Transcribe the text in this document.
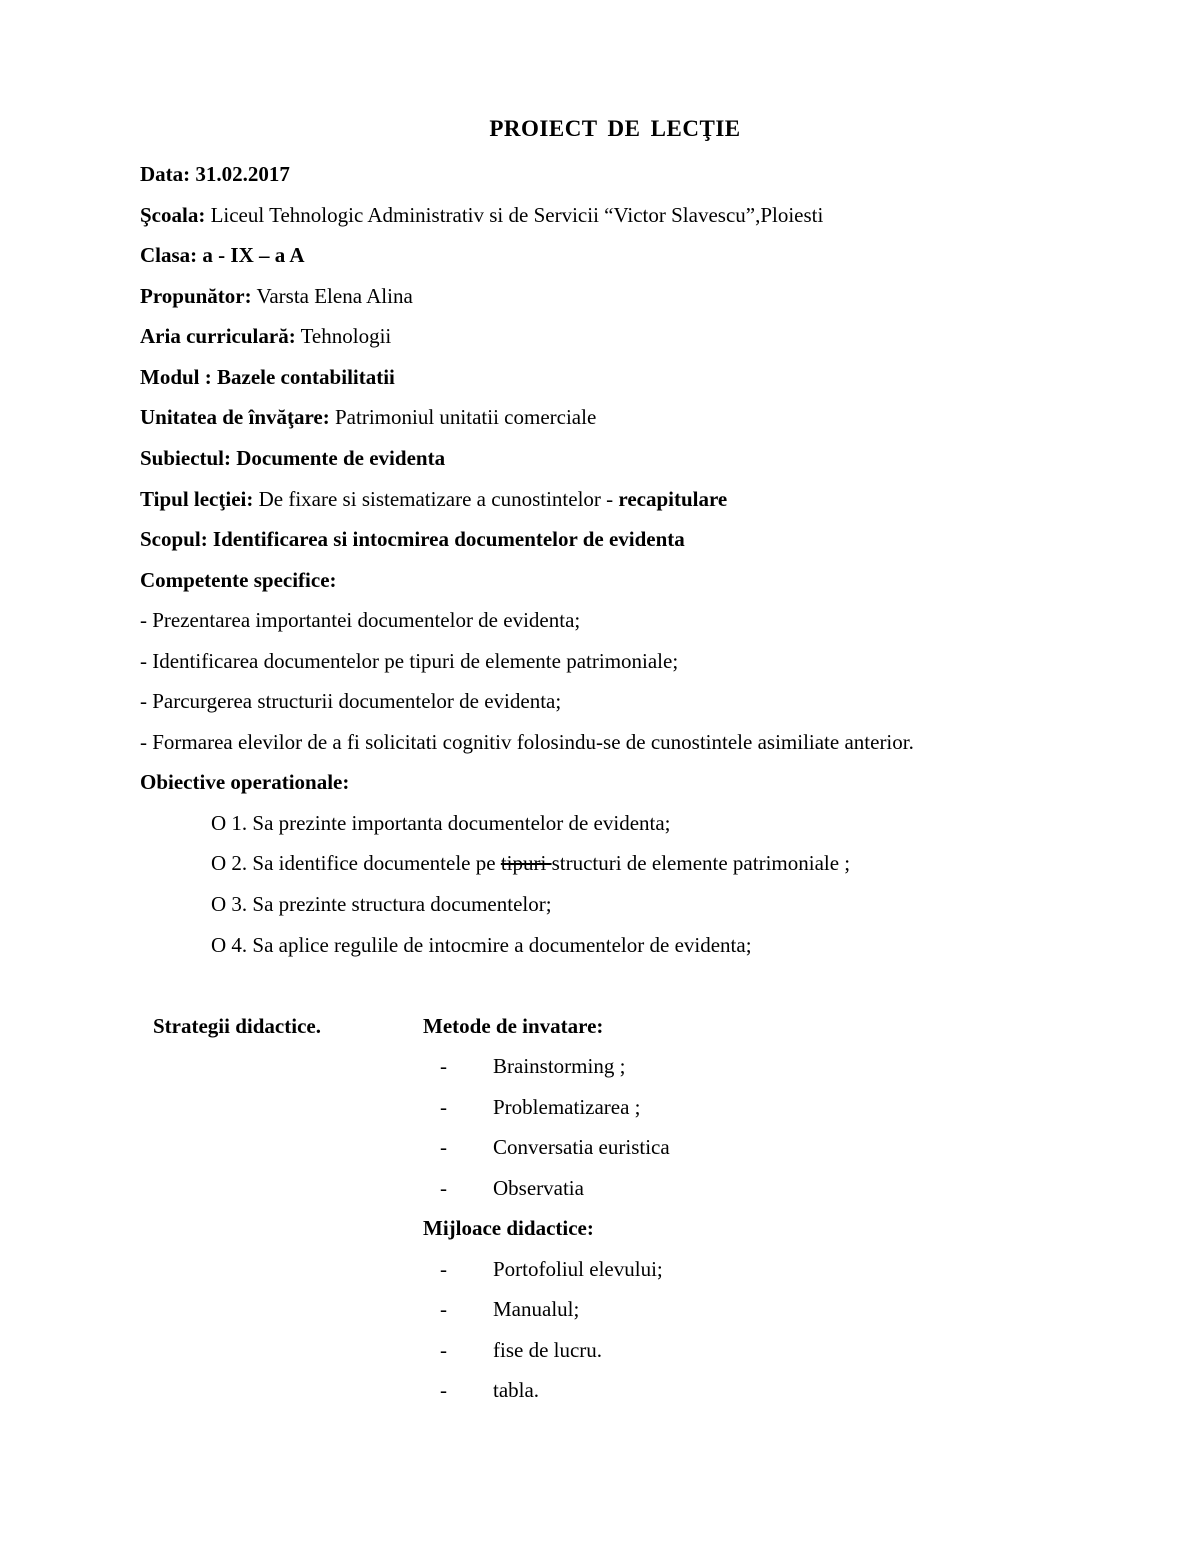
PROIECT DE LECŢIE
Data: 31.02.2017
Şcoala: Liceul Tehnologic Administrativ si de Servicii “Victor Slavescu”,Ploiesti
Clasa: a - IX – a A
Propunător: Varsta Elena Alina
Aria curriculară: Tehnologii
Modul : Bazele contabilitatii
Unitatea de învăţare: Patrimoniul unitatii comerciale
Subiectul: Documente de evidenta
Tipul lecţiei: De fixare si sistematizare a cunostintelor - recapitulare
Scopul: Identificarea si intocmirea documentelor de evidenta
Competente specifice:
- Prezentarea importantei documentelor de evidenta;
- Identificarea documentelor pe tipuri de elemente patrimoniale;
- Parcurgerea structurii documentelor de evidenta;
- Formarea elevilor de a fi solicitati cognitiv folosindu-se de cunostintele asimiliate anterior.
Obiective operationale:
O 1. Sa prezinte importanta documentelor de evidenta;
O 2. Sa identifice documentele pe tipuri structuri de elemente patrimoniale ;
O 3. Sa prezinte structura documentelor;
O 4. Sa aplice regulile de intocmire a documentelor de evidenta;
Strategii didactice.	Metode de invatare:
- Brainstorming ;
- Problematizarea ;
- Conversatia euristica
- Observatia
Mijloace didactice:
- Portofoliul elevului;
- Manualul;
- fise de lucru.
- tabla.
